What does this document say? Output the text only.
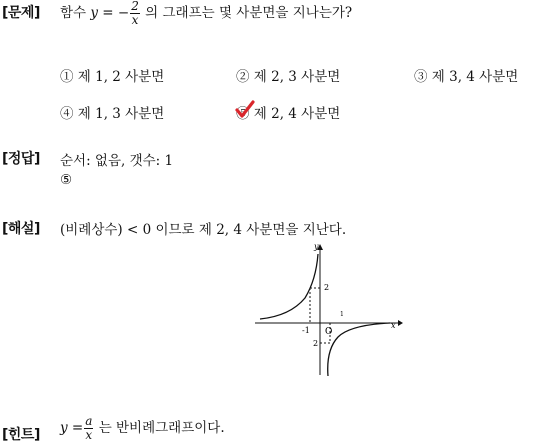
[문제] 함수 y = − $\frac{2}{x}$ 의 그래프는 몇 사분면을 지나는가?
① 제 1, 2 사분면	② 제 2, 3 사분면	③ 제 3, 4 사분면
④ 제 1, 3 사분면	⑤ 제 2, 4 사분면
[정답] 순서: 없음, 갯수: 1
⑤
[해설] (비례상수) < 0 이므로 제 2, 4 사분면을 지난다.
y
x
O
2
-1
2
1
[힌트] $y = \frac{a}{x}$ 는 반비례그래프이다.
